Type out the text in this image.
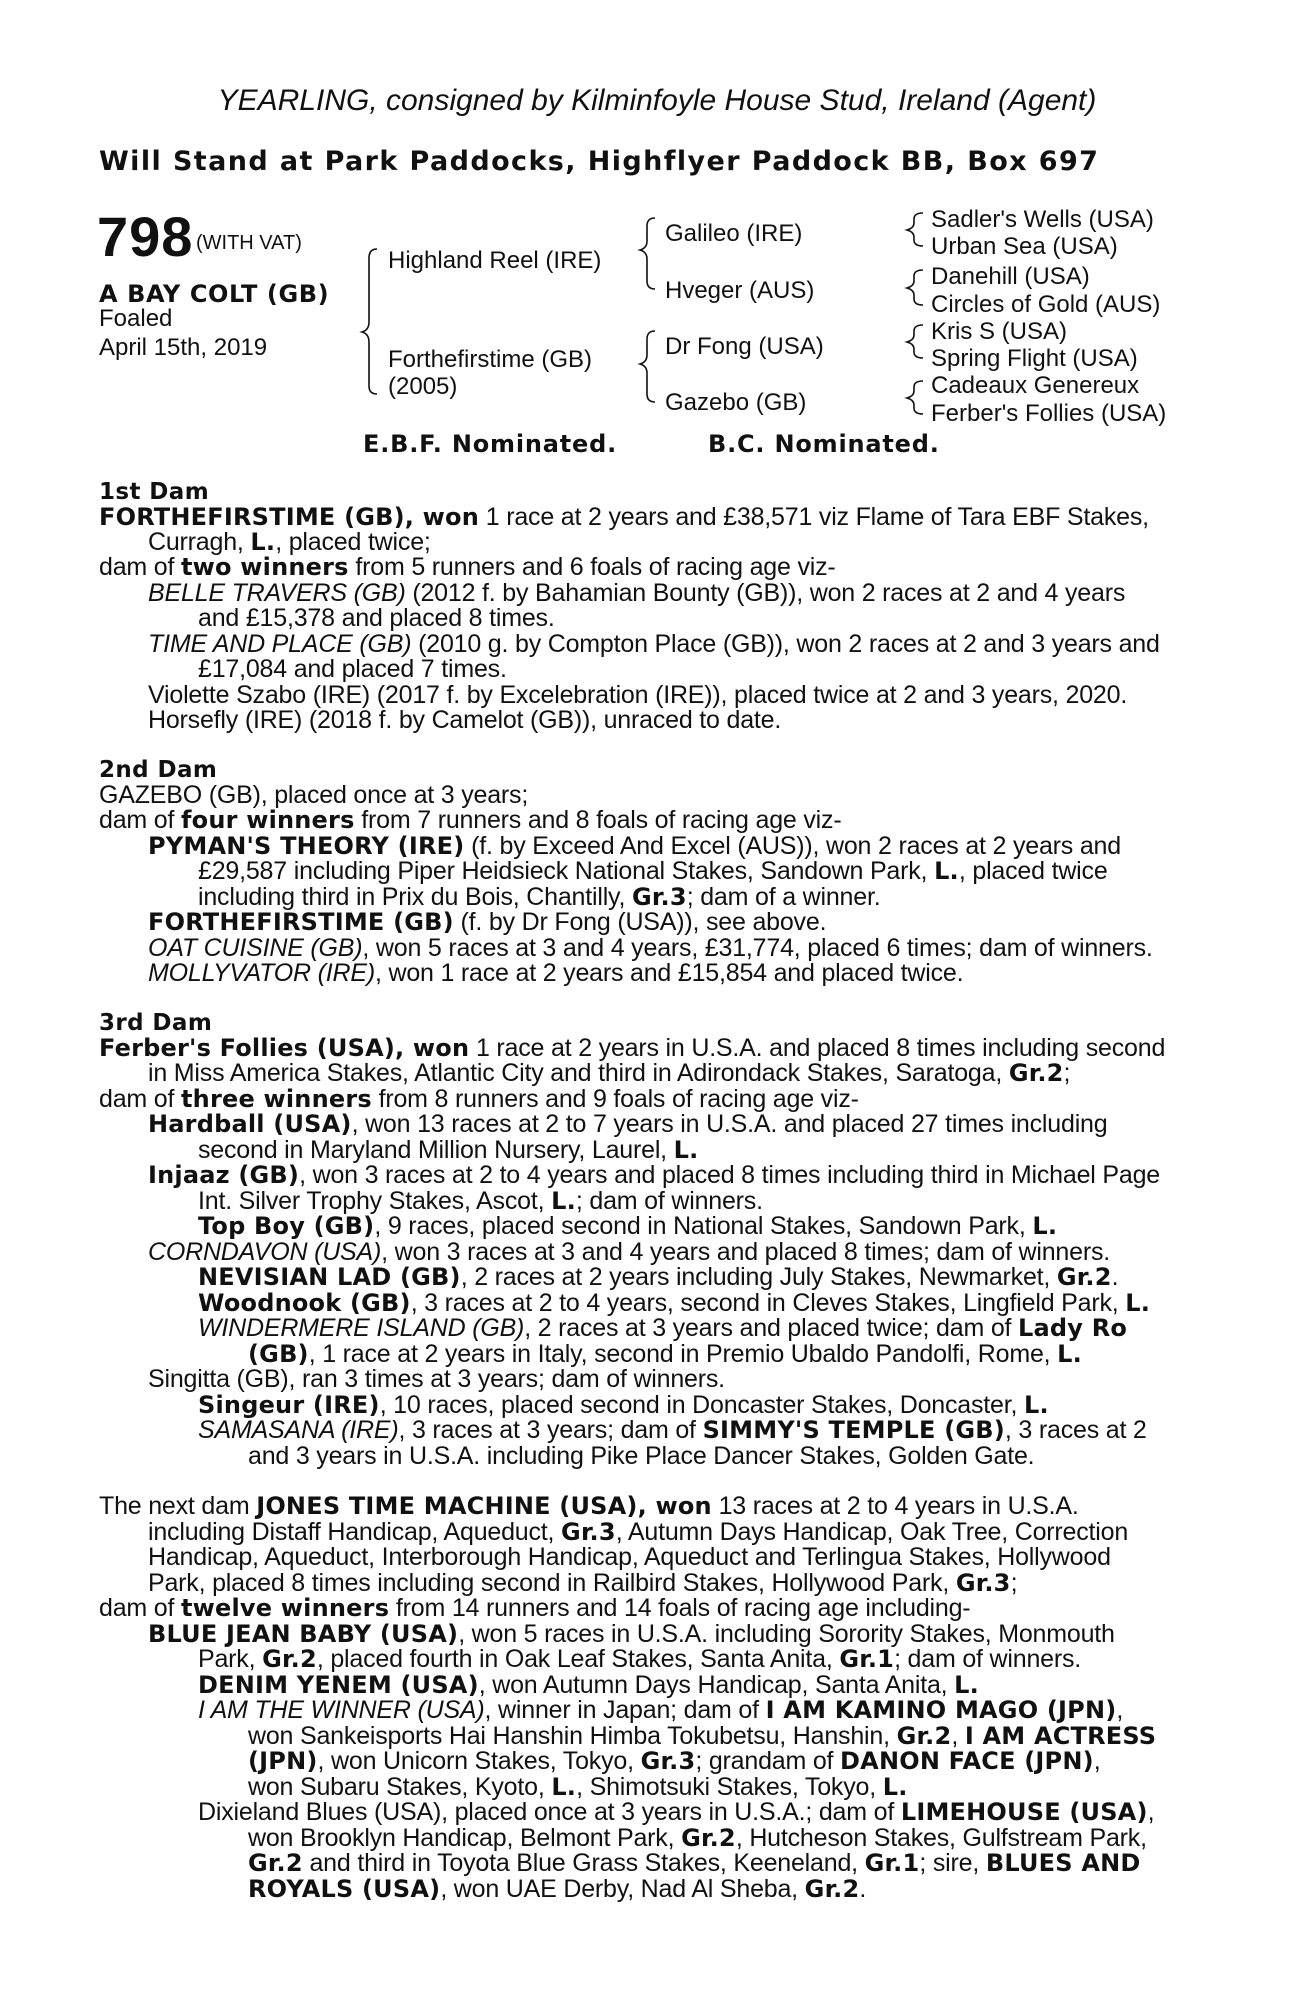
YEARLING, consigned by Kilminfoyle House Stud, Ireland (Agent)
Will Stand at Park Paddocks, Highflyer Paddock BB, Box 697
798 (WITH VAT)
A BAY COLT (GB)
Foaled
April 15th, 2019
Highland Reel (IRE)
Forthefirstime (GB)
(2005)
Galileo (IRE)
Hveger (AUS)
Dr Fong (USA)
Gazebo (GB)
Sadler's Wells (USA)
Urban Sea (USA)
Danehill (USA)
Circles of Gold (AUS)
Kris S (USA)
Spring Flight (USA)
Cadeaux Genereux
Ferber's Follies (USA)
E.B.F. Nominated.	B.C. Nominated.
1st Dam
FORTHEFIRSTIME (GB), won 1 race at 2 years and £38,571 viz Flame of Tara EBF Stakes,
Curragh, L., placed twice;
dam of two winners from 5 runners and 6 foals of racing age viz-
BELLE TRAVERS (GB) (2012 f. by Bahamian Bounty (GB)), won 2 races at 2 and 4 years
and £15,378 and placed 8 times.
TIME AND PLACE (GB) (2010 g. by Compton Place (GB)), won 2 races at 2 and 3 years and
£17,084 and placed 7 times.
Violette Szabo (IRE) (2017 f. by Excelebration (IRE)), placed twice at 2 and 3 years, 2020.
Horsefly (IRE) (2018 f. by Camelot (GB)), unraced to date.
2nd Dam
GAZEBO (GB), placed once at 3 years;
dam of four winners from 7 runners and 8 foals of racing age viz-
PYMAN'S THEORY (IRE) (f. by Exceed And Excel (AUS)), won 2 races at 2 years and
£29,587 including Piper Heidsieck National Stakes, Sandown Park, L., placed twice
including third in Prix du Bois, Chantilly, Gr.3; dam of a winner.
FORTHEFIRSTIME (GB) (f. by Dr Fong (USA)), see above.
OAT CUISINE (GB), won 5 races at 3 and 4 years, £31,774, placed 6 times; dam of winners.
MOLLYVATOR (IRE), won 1 race at 2 years and £15,854 and placed twice.
3rd Dam
Ferber's Follies (USA), won 1 race at 2 years in U.S.A. and placed 8 times including second
in Miss America Stakes, Atlantic City and third in Adirondack Stakes, Saratoga, Gr.2;
dam of three winners from 8 runners and 9 foals of racing age viz-
Hardball (USA), won 13 races at 2 to 7 years in U.S.A. and placed 27 times including
second in Maryland Million Nursery, Laurel, L.
Injaaz (GB), won 3 races at 2 to 4 years and placed 8 times including third in Michael Page
Int. Silver Trophy Stakes, Ascot, L.; dam of winners.
Top Boy (GB), 9 races, placed second in National Stakes, Sandown Park, L.
CORNDAVON (USA), won 3 races at 3 and 4 years and placed 8 times; dam of winners.
NEVISIAN LAD (GB), 2 races at 2 years including July Stakes, Newmarket, Gr.2.
Woodnook (GB), 3 races at 2 to 4 years, second in Cleves Stakes, Lingfield Park, L.
WINDERMERE ISLAND (GB), 2 races at 3 years and placed twice; dam of Lady Ro
(GB), 1 race at 2 years in Italy, second in Premio Ubaldo Pandolfi, Rome, L.
Singitta (GB), ran 3 times at 3 years; dam of winners.
Singeur (IRE), 10 races, placed second in Doncaster Stakes, Doncaster, L.
SAMASANA (IRE), 3 races at 3 years; dam of SIMMY'S TEMPLE (GB), 3 races at 2
and 3 years in U.S.A. including Pike Place Dancer Stakes, Golden Gate.
The next dam JONES TIME MACHINE (USA), won 13 races at 2 to 4 years in U.S.A.
including Distaff Handicap, Aqueduct, Gr.3, Autumn Days Handicap, Oak Tree, Correction
Handicap, Aqueduct, Interborough Handicap, Aqueduct and Terlingua Stakes, Hollywood
Park, placed 8 times including second in Railbird Stakes, Hollywood Park, Gr.3;
dam of twelve winners from 14 runners and 14 foals of racing age including-
BLUE JEAN BABY (USA), won 5 races in U.S.A. including Sorority Stakes, Monmouth
Park, Gr.2, placed fourth in Oak Leaf Stakes, Santa Anita, Gr.1; dam of winners.
DENIM YENEM (USA), won Autumn Days Handicap, Santa Anita, L.
I AM THE WINNER (USA), winner in Japan; dam of I AM KAMINO MAGO (JPN),
won Sankeisports Hai Hanshin Himba Tokubetsu, Hanshin, Gr.2, I AM ACTRESS
(JPN), won Unicorn Stakes, Tokyo, Gr.3; grandam of DANON FACE (JPN),
won Subaru Stakes, Kyoto, L., Shimotsuki Stakes, Tokyo, L.
Dixieland Blues (USA), placed once at 3 years in U.S.A.; dam of LIMEHOUSE (USA),
won Brooklyn Handicap, Belmont Park, Gr.2, Hutcheson Stakes, Gulfstream Park,
Gr.2 and third in Toyota Blue Grass Stakes, Keeneland, Gr.1; sire, BLUES AND
ROYALS (USA), won UAE Derby, Nad Al Sheba, Gr.2.
